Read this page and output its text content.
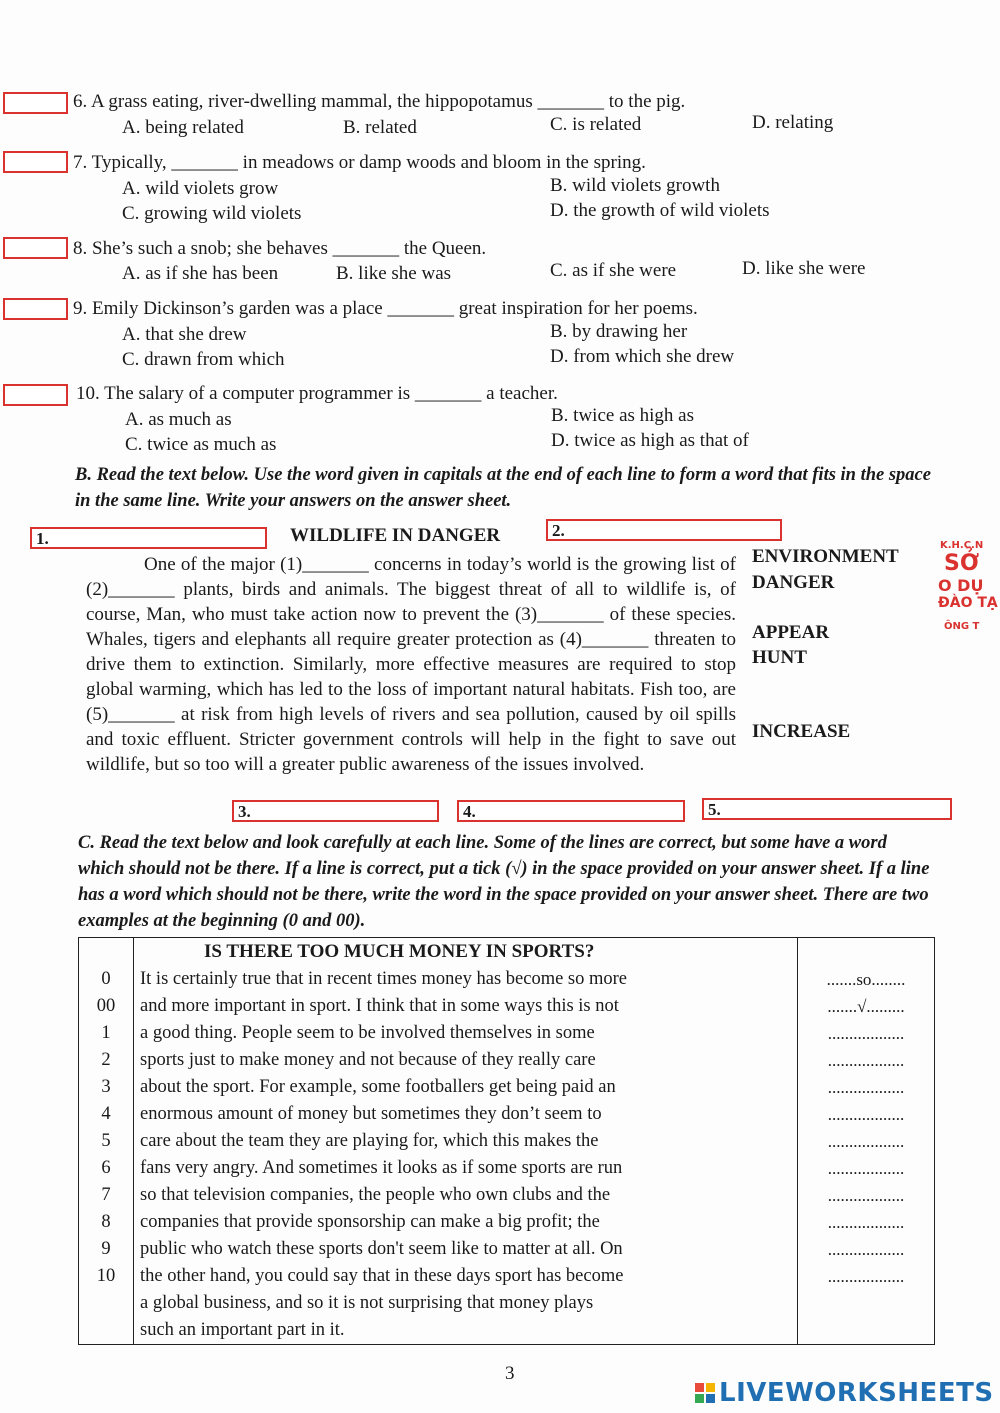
6. A grass eating, river-dwelling mammal, the hippopotamus _______ to the pig.
A. being related	B. related	C. is related	D. relating
7. Typically, _______ in meadows or damp woods and bloom in the spring.
A. wild violets grow	B. wild violets growth
C. growing wild violets	D. the growth of wild violets
8. She’s such a snob; she behaves _______ the Queen.
A. as if she has been	B. like she was	C. as if she were	D. like she were
9. Emily Dickinson’s garden was a place _______ great inspiration for her poems.
A. that she drew	B. by drawing her
C. drawn from which	D. from which she drew
10. The salary of a computer programmer is _______ a teacher.
A. as much as	B. twice as high as
C. twice as much as	D. twice as high as that of
B. Read the text below. Use the word given in capitals at the end of each line to form a word that fits in the space in the same line. Write your answers on the answer sheet.
1.	WILDLIFE IN DANGER	2.
One of the major (1)_______ concerns in today’s world is the growing list of (2)_______ plants, birds and animals. The biggest threat of all to wildlife is, of course, Man, who must take action now to prevent the (3)_______ of these species. Whales, tigers and elephants all require greater protection as (4)_______ threaten to drive them to extinction. Similarly, more effective measures are required to stop global warming, which has led to the loss of important natural habitats. Fish too, are (5)_______ at risk from high levels of rivers and sea pollution, caused by oil spills and toxic effluent. Stricter government controls will help in the fight to save out wildlife, but so too will a greater public awareness of the issues involved.
ENVIRONMENT
DANGER
APPEAR
HUNT
INCREASE
3.	4.	5.
C. Read the text below and look carefully at each line. Some of the lines are correct, but some have a word which should not be there. If a line is correct, put a tick (√) in the space provided on your answer sheet. If a line has a word which should not be there, write the word in the space provided on your answer sheet. There are two examples at the beginning (0 and 00).
	IS THERE TOO MUCH MONEY IN SPORTS?	
0	It is certainly true that in recent times money has become so more	.......so........
00	and more important in sport. I think that in some ways this is not	.......√.........
1	a good thing. People seem to be involved themselves in some	..................
2	sports just to make money and not because of they really care	..................
3	about the sport. For example, some footballers get being paid an	..................
4	enormous amount of money but sometimes they don’t seem to	..................
5	care about the team they are playing for, which this makes the	..................
6	fans very angry. And sometimes it looks as if some sports are run	..................
7	so that television companies, the people who own clubs and the	..................
8	companies that provide sponsorship can make a big profit; the	..................
9	public who watch these sports don't seem like to matter at all. On	..................
10	the other hand, you could say that in these days sport has become	..................
	a global business, and so it is not surprising that money plays	
	such an important part in it.	
K.H.C.N
SỞ
O DỤ
ĐÀO TẠ
ÔNG T
3
LIVEWORKSHEETS
